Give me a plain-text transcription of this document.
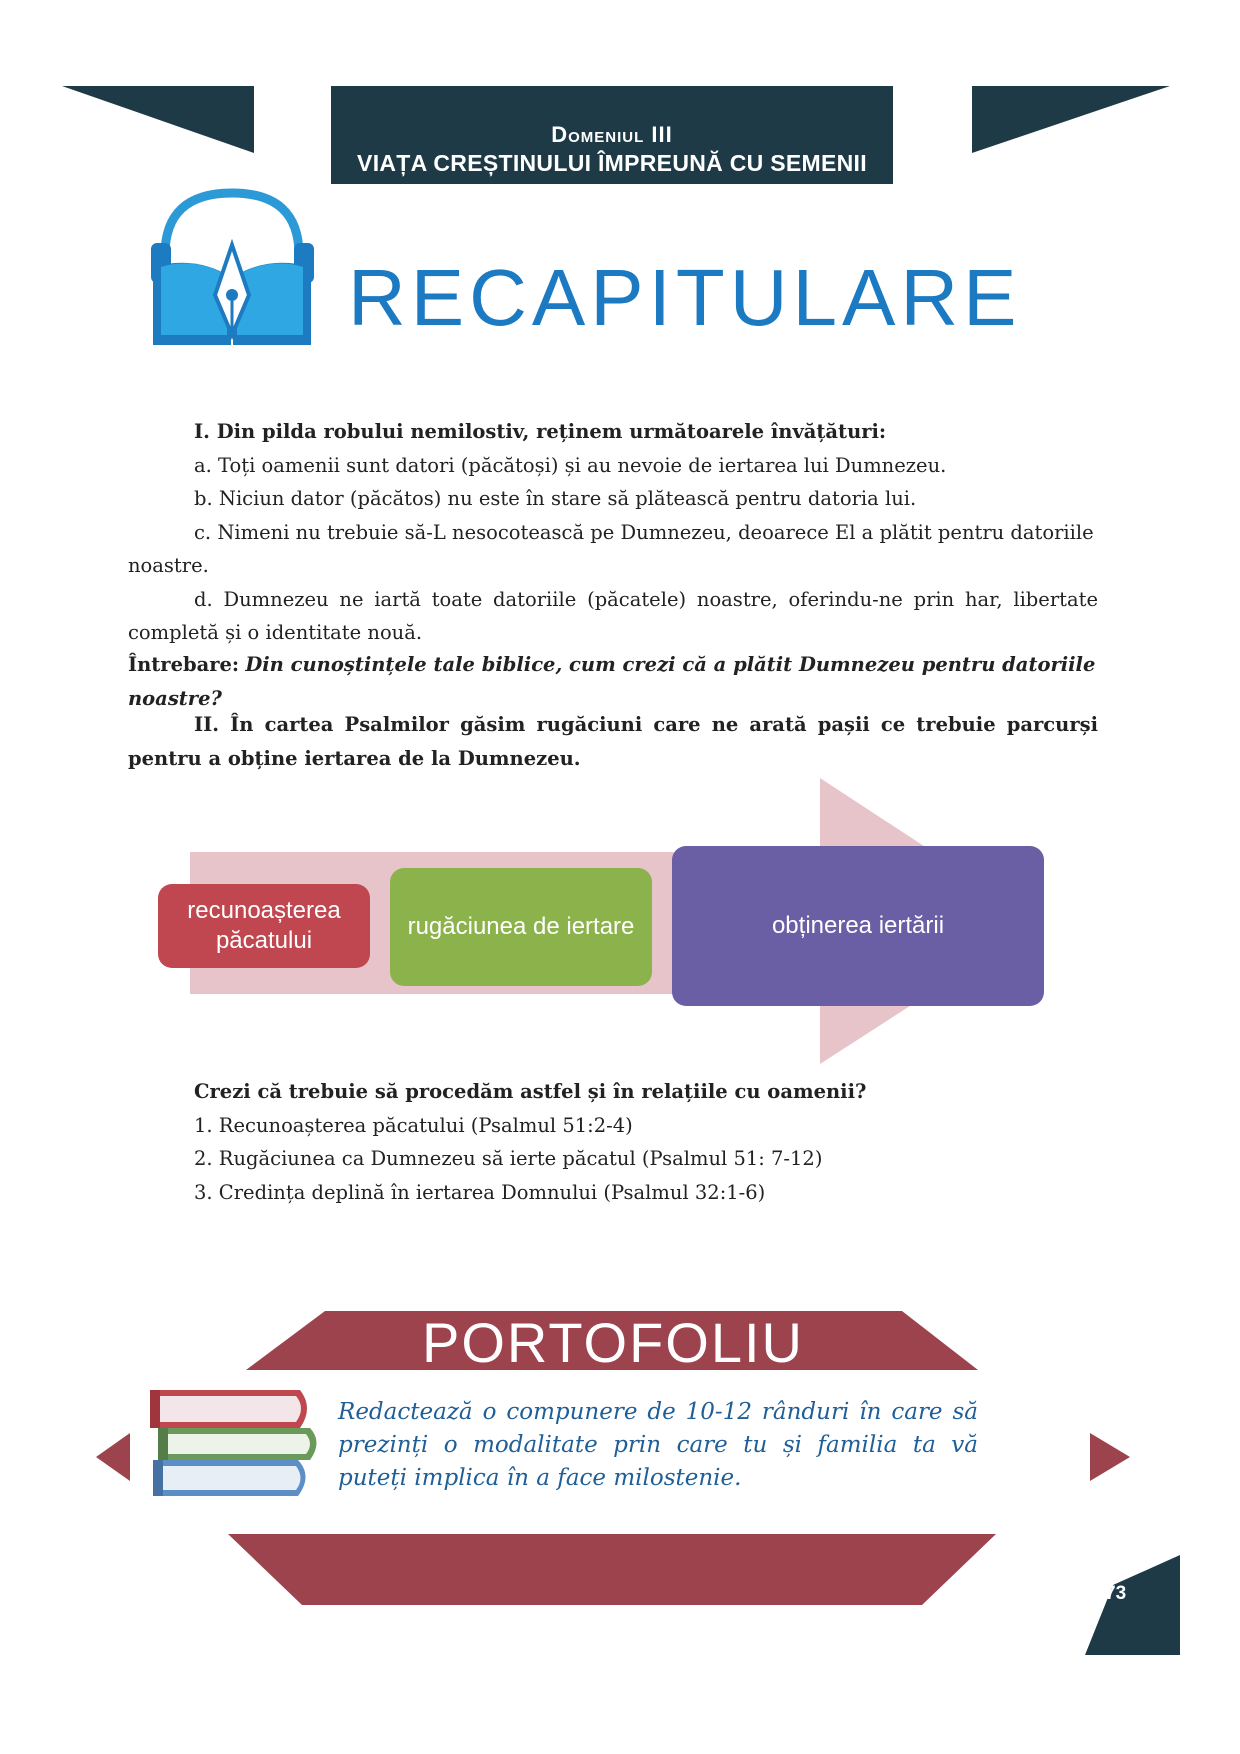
Domeniul III
VIAȚA CREȘTINULUI ÎMPREUNĂ CU SEMENII
RECAPITULARE
I. Din pilda robului nemilostiv, reținem următoarele învățături:
a. Toți oamenii sunt datori (păcătoși) și au nevoie de iertarea lui Dumnezeu.
b. Niciun dator (păcătos) nu este în stare să plătească pentru datoria lui.
c. Nimeni nu trebuie să-L nesocotească pe Dumnezeu, deoarece El a plătit pentru datoriile noastre.
d. Dumnezeu ne iartă toate datoriile (păcatele) noastre, oferindu-ne prin har, libertate completă și o identitate nouă.
Întrebare: Din cunoștințele tale biblice, cum crezi că a plătit Dumnezeu pentru datoriile noastre?
II. În cartea Psalmilor găsim rugăciuni care ne arată pașii ce trebuie parcurși pentru a obține iertarea de la Dumnezeu.
recunoașterea păcatului
rugăciunea de iertare	obținerea iertării
Crezi că trebuie să procedăm astfel și în relațiile cu oamenii?
1. Recunoașterea păcatului (Psalmul 51:2-4)
2. Rugăciunea ca Dumnezeu să ierte păcatul (Psalmul 51: 7-12)
3. Credința deplină în iertarea Domnului (Psalmul 32:1-6)
PORTOFOLIU
Redactează o compunere de 10-12 rânduri în care să prezinți o modalitate prin care tu și familia ta vă puteți implica în a face milostenie.
73
